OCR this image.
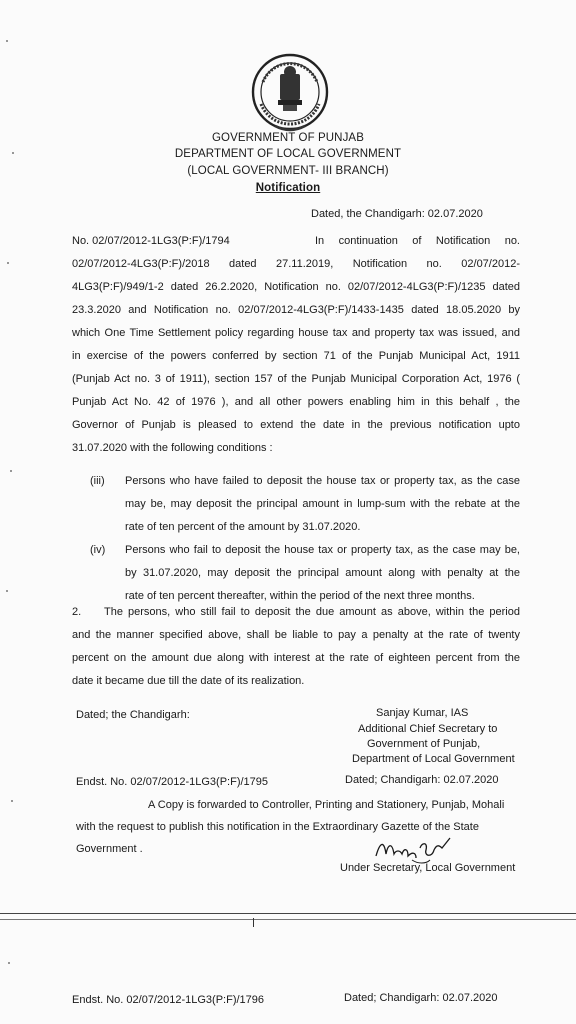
GOVERNMENT OF PUNJAB
DEPARTMENT OF LOCAL GOVERNMENT
(LOCAL GOVERNMENT- III BRANCH)
Notification
Dated, the Chandigarh: 02.07.2020
No. 02/07/2012-1LG3(P:F)/1794	In continuation of Notification no.
02/07/2012-4LG3(P:F)/2018 dated 27.11.2019, Notification no. 02/07/2012-
4LG3(P:F)/949/1-2 dated 26.2.2020, Notification no. 02/07/2012-4LG3(P:F)/1235 dated
23.3.2020 and Notification no. 02/07/2012-4LG3(P:F)/1433-1435 dated 18.05.2020 by
which One Time Settlement policy regarding house tax and property tax was issued, and
in exercise of the powers conferred by section 71 of the Punjab Municipal Act, 1911
(Punjab Act no. 3 of 1911), section 157 of the Punjab Municipal Corporation Act, 1976 (
Punjab Act No. 42 of 1976 ), and all other powers enabling him in this behalf , the
Governor of Punjab is pleased to extend the date in the previous notification upto
31.07.2020 with the following conditions :
(iii) Persons who have failed to deposit the house tax or property tax, as the case
may be, may deposit the principal amount in lump-sum with the rebate at the
rate of ten percent of the amount by 31.07.2020.
(iv) Persons who fail to deposit the house tax or property tax, as the case may be,
by 31.07.2020, may deposit the principal amount along with penalty at the
rate of ten percent thereafter, within the period of the next three months.
2. The persons, who still fail to deposit the due amount as above, within the period
and the manner specified above, shall be liable to pay a penalty at the rate of twenty
percent on the amount due along with interest at the rate of eighteen percent from the
date it became due till the date of its realization.
Dated; the Chandigarh:	Sanjay Kumar, IAS
Additional Chief Secretary to
Government of Punjab,
Department of Local Government
Endst. No. 02/07/2012-1LG3(P:F)/1795	Dated; Chandigarh: 02.07.2020
A Copy is forwarded to Controller, Printing and Stationery, Punjab, Mohali
with the request to publish this notification in the Extraordinary Gazette of the State
Government .
Under Secretary, Local Government
Endst. No. 02/07/2012-1LG3(P:F)/1796	Dated; Chandigarh: 02.07.2020
